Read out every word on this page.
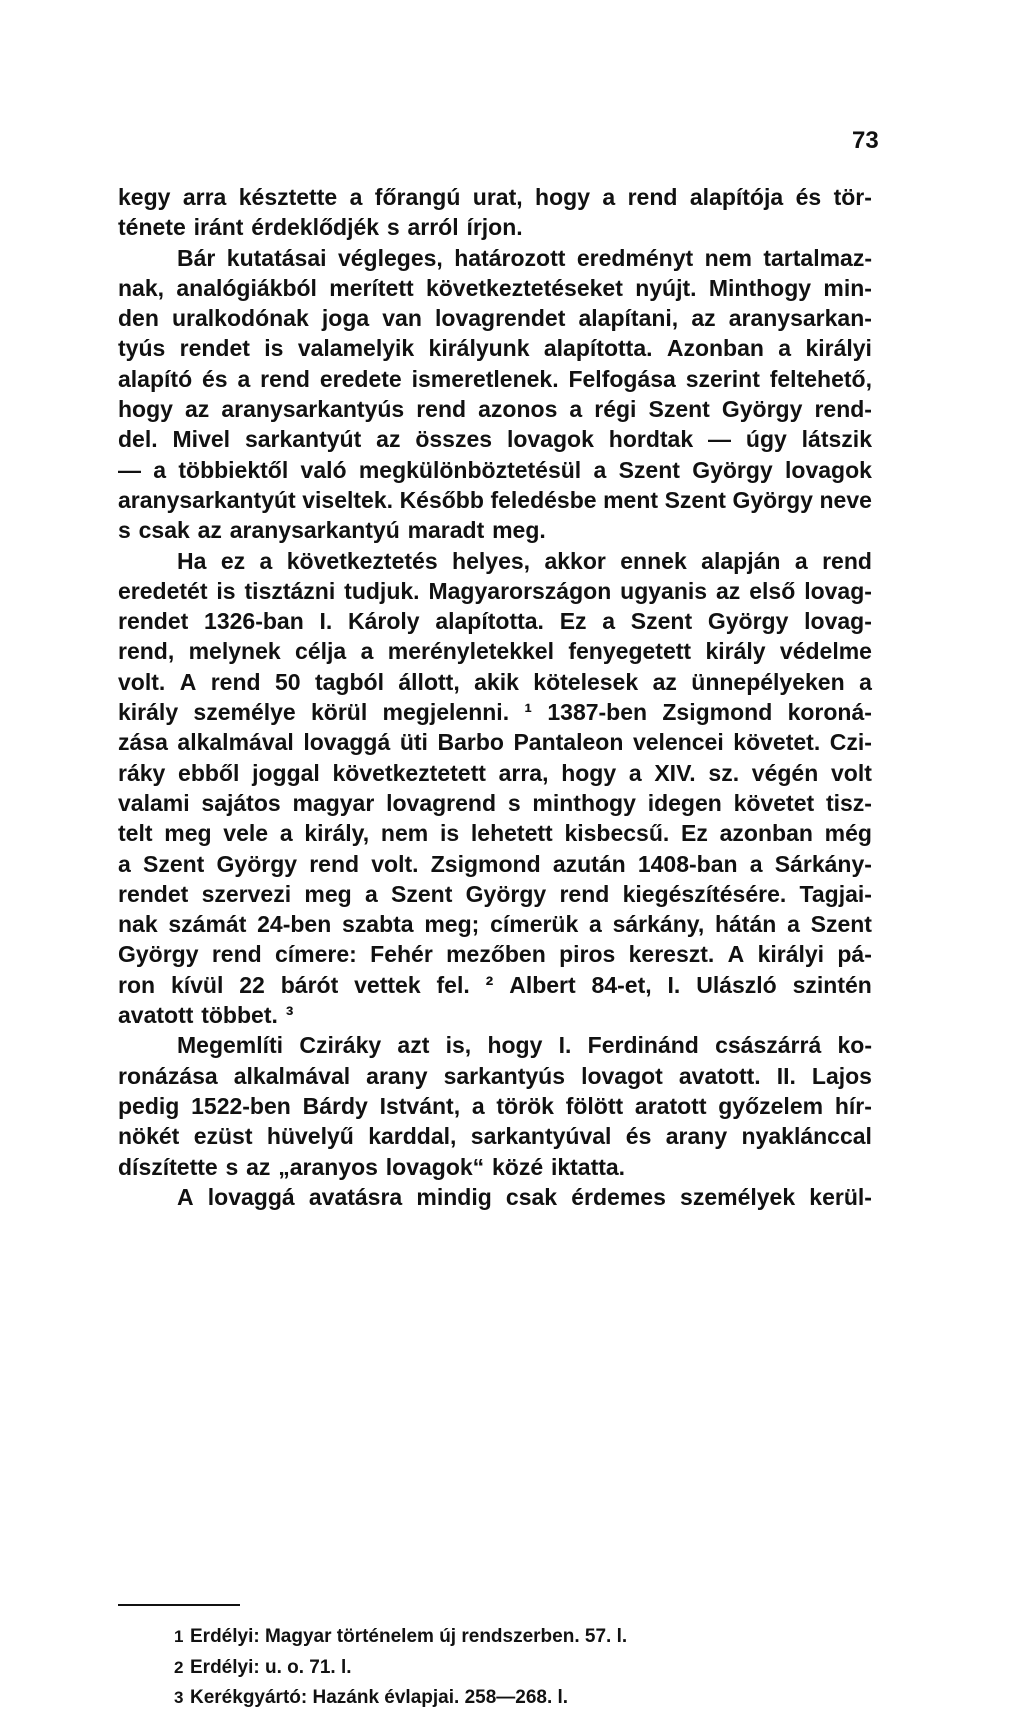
73
kegy arra késztette a főrangú urat, hogy a rend alapítója és tör-
ténete iránt érdeklődjék s arról írjon.
Bár kutatásai végleges, határozott eredményt nem tartalmaz-
nak, analógiákból merített következtetéseket nyújt. Minthogy min-
den uralkodónak joga van lovagrendet alapítani, az aranysarkan-
tyús rendet is valamelyik királyunk alapította. Azonban a királyi
alapító és a rend eredete ismeretlenek. Felfogása szerint feltehető,
hogy az aranysarkantyús rend azonos a régi Szent György rend-
del. Mivel sarkantyút az összes lovagok hordtak — úgy látszik
— a többiektől való megkülönböztetésül a Szent György lovagok
aranysarkantyút viseltek. Később feledésbe ment Szent György neve
s csak az aranysarkantyú maradt meg.
Ha ez a következtetés helyes, akkor ennek alapján a rend
eredetét is tisztázni tudjuk. Magyarországon ugyanis az első lovag-
rendet 1326-ban I. Károly alapította. Ez a Szent György lovag-
rend, melynek célja a merényletekkel fenyegetett király védelme
volt. A rend 50 tagból állott, akik kötelesek az ünnepélyeken a
király személye körül megjelenni. ¹ 1387-ben Zsigmond koroná-
zása alkalmával lovaggá üti Barbo Pantaleon velencei követet. Czi-
ráky ebből joggal következtetett arra, hogy a XIV. sz. végén volt
valami sajátos magyar lovagrend s minthogy idegen követet tisz-
telt meg vele a király, nem is lehetett kisbecsű. Ez azonban még
a Szent György rend volt. Zsigmond azután 1408-ban a Sárkány-
rendet szervezi meg a Szent György rend kiegészítésére. Tagjai-
nak számát 24-ben szabta meg; címerük a sárkány, hátán a Szent
György rend címere: Fehér mezőben piros kereszt. A királyi pá-
ron kívül 22 bárót vettek fel. ² Albert 84-et, I. Ulászló szintén
avatott többet. ³
Megemlíti Cziráky azt is, hogy I. Ferdinánd császárrá ko-
ronázása alkalmával arany sarkantyús lovagot avatott. II. Lajos
pedig 1522-ben Bárdy Istvánt, a török fölött aratott győzelem hír-
nökét ezüst hüvelyű karddal, sarkantyúval és arany nyaklánccal
díszítette s az „aranyos lovagok“ közé iktatta.
A lovaggá avatásra mindig csak érdemes személyek kerül-
1 Erdélyi: Magyar történelem új rendszerben. 57. l.
2 Erdélyi: u. o. 71. l.
3 Kerékgyártó: Hazánk évlapjai. 258—268. l.
